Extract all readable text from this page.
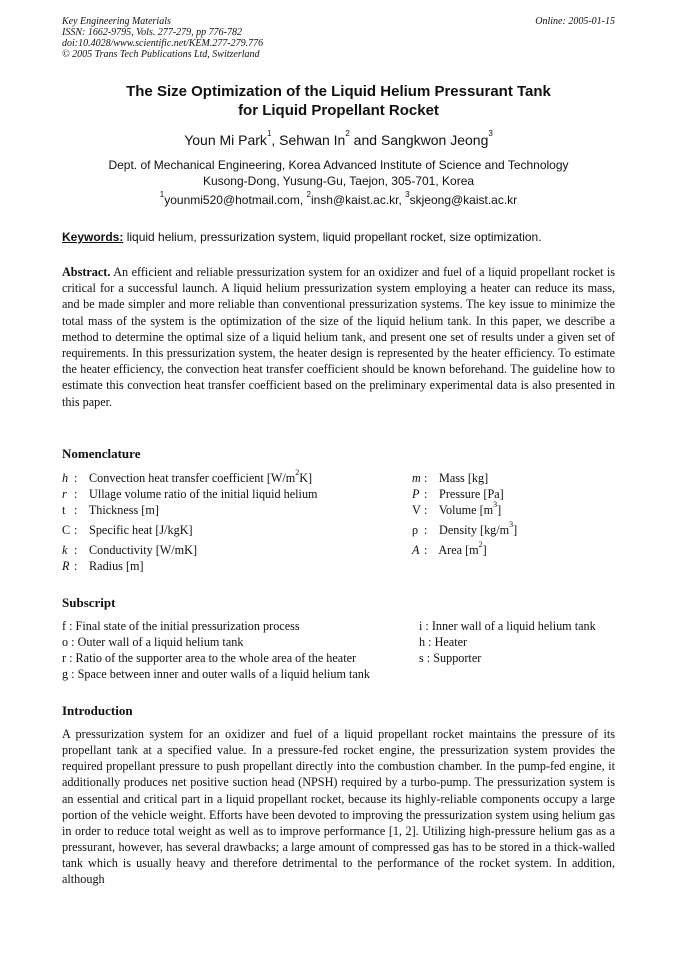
Key Engineering Materials
ISSN: 1662-9795, Vols. 277-279, pp 776-782
doi:10.4028/www.scientific.net/KEM.277-279.776
© 2005 Trans Tech Publications Ltd, Switzerland
Online: 2005-01-15
The Size Optimization of the Liquid Helium Pressurant Tank
for Liquid Propellant Rocket
Youn Mi Park$^1$, Sehwan In$^2$ and Sangkwon Jeong$^3$
Dept. of Mechanical Engineering, Korea Advanced Institute of Science and Technology
Kusong-Dong, Yusung-Gu, Taejon, 305-701, Korea
$^1$younmi520@hotmail.com, $^2$insh@kaist.ac.kr, $^3$skjeong@kaist.ac.kr
Keywords: liquid helium, pressurization system, liquid propellant rocket, size optimization.
Abstract. An efficient and reliable pressurization system for an oxidizer and fuel of a liquid propellant rocket is critical for a successful launch. A liquid helium pressurization system employing a heater can reduce its mass, and be made simpler and more reliable than conventional pressurization systems. The key issue to minimize the total mass of the system is the optimization of the size of the liquid helium tank. In this paper, we describe a method to determine the optimal size of a liquid helium tank, and present one set of results under a given set of requirements. In this pressurization system, the heater design is represented by the heater efficiency. To estimate the heater efficiency, the convection heat transfer coefficient should be known beforehand. The guideline how to estimate this convection heat transfer coefficient based on the preliminary experimental data is also presented in this paper.
Nomenclature
h : Convection heat transfer coefficient $[W/m^2K]$
r : Ullage volume ratio of the initial liquid helium
t : Thickness [m]
C : Specific heat [J/kgK]
k : Conductivity [W/mK]
R : Radius [m]
m : Mass [kg]
P : Pressure [Pa]
V : Volume $[m^3]$
ρ : Density $[kg/m^3]$
A : Area $[m^2]$
Subscript
f : Final state of the initial pressurization process
o : Outer wall of a liquid helium tank
r : Ratio of the supporter area to the whole area of the heater
g : Space between inner and outer walls of a liquid helium tank
i : Inner wall of a liquid helium tank
h : Heater
s : Supporter
Introduction
A pressurization system for an oxidizer and fuel of a liquid propellant rocket maintains the pressure of its propellant tank at a specified value. In a pressure-fed rocket engine, the pressurization system provides the required propellant pressure to push propellant directly into the combustion chamber. In the pump-fed engine, it additionally produces net positive suction head (NPSH) required by a turbo-pump. The pressurization system is an essential and critical part in a liquid propellant rocket, because its highly-reliable components occupy a large portion of the vehicle weight. Efforts have been devoted to improving the pressurization system using helium gas in order to reduce total weight as well as to improve performance [1, 2]. Utilizing high-pressure helium gas as a pressurant, however, has several drawbacks; a large amount of compressed gas has to be stored in a thick-walled tank which is usually heavy and therefore detrimental to the performance of the rocket system. In addition, although
